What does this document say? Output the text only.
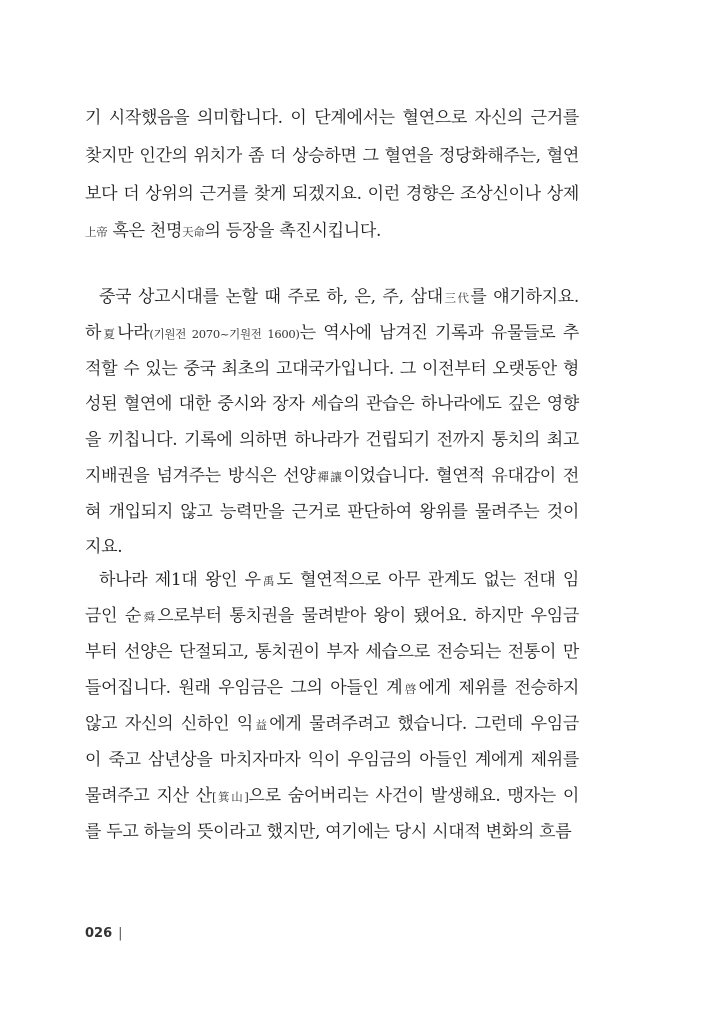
기 시작했음을 의미합니다. 이 단계에서는 혈연으로 자신의 근거를
찾지만 인간의 위치가 좀 더 상승하면 그 혈연을 정당화해주는, 혈연
보다 더 상위의 근거를 찾게 되겠지요. 이런 경향은 조상신이나 상제
上帝 혹은 천명天命의 등장을 촉진시킵니다.
중국 상고시대를 논할 때 주로 하, 은, 주, 삼대三代를 얘기하지요.
하夏나라(기원전 2070~기원전 1600)는 역사에 남겨진 기록과 유물들로 추
적할 수 있는 중국 최초의 고대국가입니다. 그 이전부터 오랫동안 형
성된 혈연에 대한 중시와 장자 세습의 관습은 하나라에도 깊은 영향
을 끼칩니다. 기록에 의하면 하나라가 건립되기 전까지 통치의 최고
지배권을 넘겨주는 방식은 선양禪讓이었습니다. 혈연적 유대감이 전
혀 개입되지 않고 능력만을 근거로 판단하여 왕위를 물려주는 것이
지요.
하나라 제1대 왕인 우禹도 혈연적으로 아무 관계도 없는 전대 임
금인 순舜으로부터 통치권을 물려받아 왕이 됐어요. 하지만 우임금
부터 선양은 단절되고, 통치권이 부자 세습으로 전승되는 전통이 만
들어집니다. 원래 우임금은 그의 아들인 계啓에게 제위를 전승하지
않고 자신의 신하인 익益에게 물려주려고 했습니다. 그런데 우임금
이 죽고 삼년상을 마치자마자 익이 우임금의 아들인 계에게 제위를
물려주고 지산 산[箕山]으로 숨어버리는 사건이 발생해요. 맹자는 이
를 두고 하늘의 뜻이라고 했지만, 여기에는 당시 시대적 변화의 흐름
026 |
